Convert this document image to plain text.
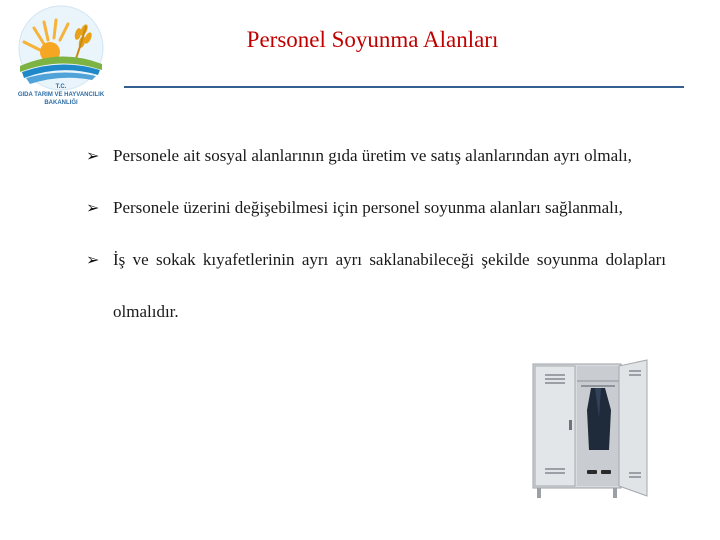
T.C.
GIDA TARIM VE HAYVANCILIK
BAKANLIĞI
Personel Soyunma Alanları
➢ Personele ait sosyal alanlarının gıda üretim ve satış alanlarından ayrı olmalı,
➢ Personele üzerini değişebilmesi için personel soyunma alanları sağlanmalı,
➢ İş ve sokak kıyafetlerinin ayrı ayrı saklanabileceği şekilde soyunma dolapları olmalıdır.
